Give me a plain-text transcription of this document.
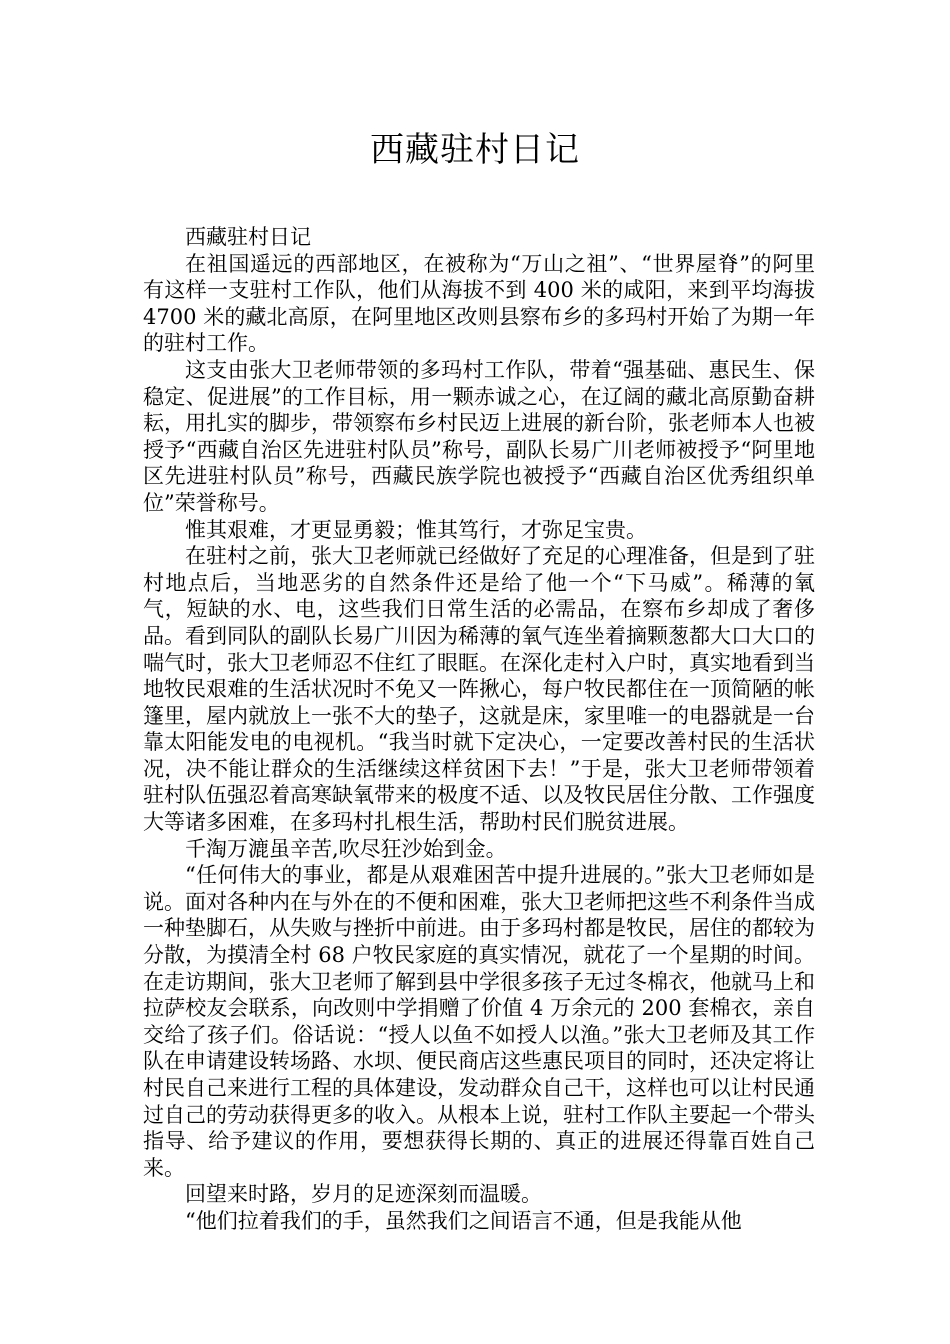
西藏驻村日记

西藏驻村日记

在祖国遥远的西部地区，在被称为“万山之祖”、“世界屋脊”的阿里有这样一支驻村工作队，他们从海拔不到 400 米的咸阳，来到平均海拔 4700 米的藏北高原，在阿里地区改则县察布乡的多玛村开始了为期一年的驻村工作。

这支由张大卫老师带领的多玛村工作队，带着“强基础、惠民生、保稳定、促进展”的工作目标，用一颗赤诚之心，在辽阔的藏北高原勤奋耕耘，用扎实的脚步，带领察布乡村民迈上进展的新台阶，张老师本人也被授予“西藏自治区先进驻村队员”称号，副队长易广川老师被授予“阿里地区先进驻村队员”称号，西藏民族学院也被授予“西藏自治区优秀组织单位”荣誉称号。

惟其艰难，才更显勇毅；惟其笃行，才弥足宝贵。

在驻村之前，张大卫老师就已经做好了充足的心理准备，但是到了驻村地点后，当地恶劣的自然条件还是给了他一个“下马威”。稀薄的氧气，短缺的水、电，这些我们日常生活的必需品，在察布乡却成了奢侈品。看到同队的副队长易广川因为稀薄的氧气连坐着摘颗葱都大口大口的喘气时，张大卫老师忍不住红了眼眶。在深化走村入户时，真实地看到当地牧民艰难的生活状况时不免又一阵揪心，每户牧民都住在一顶简陋的帐篷里，屋内就放上一张不大的垫子，这就是床，家里唯一的电器就是一台靠太阳能发电的电视机。“我当时就下定决心，一定要改善村民的生活状况，决不能让群众的生活继续这样贫困下去！”于是，张大卫老师带领着驻村队伍强忍着高寒缺氧带来的极度不适、以及牧民居住分散、工作强度大等诸多困难，在多玛村扎根生活，帮助村民们脱贫进展。

千淘万漉虽辛苦,吹尽狂沙始到金。

“任何伟大的事业，都是从艰难困苦中提升进展的。”张大卫老师如是说。面对各种内在与外在的不便和困难，张大卫老师把这些不利条件当成一种垫脚石，从失败与挫折中前进。由于多玛村都是牧民，居住的都较为分散，为摸清全村 68 户牧民家庭的真实情况，就花了一个星期的时间。在走访期间，张大卫老师了解到县中学很多孩子无过冬棉衣，他就马上和拉萨校友会联系，向改则中学捐赠了价值 4 万余元的 200 套棉衣，亲自交给了孩子们。俗话说：“授人以鱼不如授人以渔。”张大卫老师及其工作队在申请建设转场路、水坝、便民商店这些惠民项目的同时，还决定将让村民自己来进行工程的具体建设，发动群众自己干，这样也可以让村民通过自己的劳动获得更多的收入。从根本上说，驻村工作队主要起一个带头指导、给予建议的作用，要想获得长期的、真正的进展还得靠百姓自己来。

回望来时路，岁月的足迹深刻而温暖。

“他们拉着我们的手，虽然我们之间语言不通，但是我能从他
